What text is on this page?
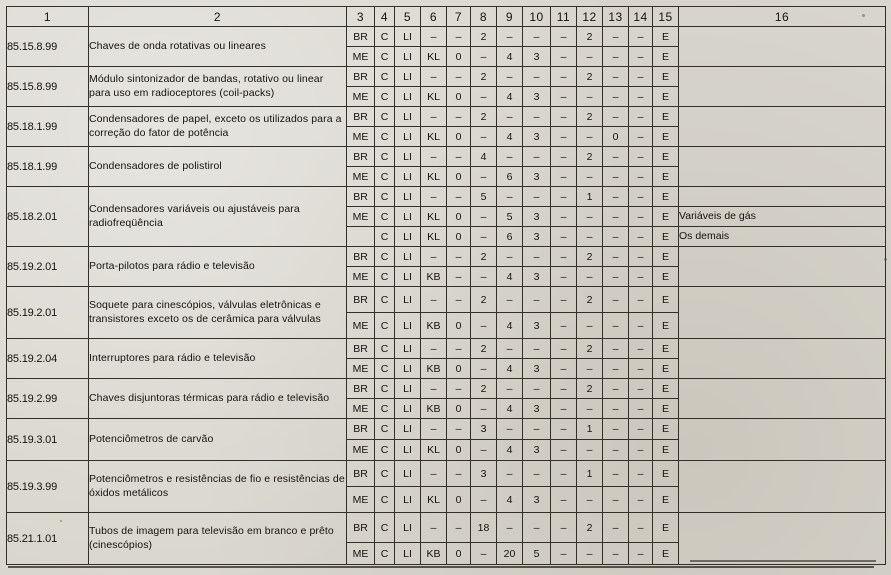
1	2	3	4	5	6	7	8	9	10	11	12	13	14	15	16
85.15.8.99	Chaves de onda rotativas ou lineares	BR	C	LI	–	–	2	–	–	–	2	–	–	E	
		ME	C	LI	KL	0	–	4	3	–	–	–	–	E	
85.15.8.99	Módulo sintonizador de bandas, rotativo ou linear para uso em radioceptores (coil-packs)	BR	C	LI	–	–	2	–	–	–	2	–	–	E	
		ME	C	LI	KL	0	–	4	3	–	–	–	–	E	
85.18.1.99	Condensadores de papel, exceto os utilizados para a correção do fator de potência	BR	C	LI	–	–	2	–	–	–	2	–	–	E	
		ME	C	LI	KL	0	–	4	3	–	–	0	–	E	
85.18.1.99	Condensadores de polistirol	BR	C	LI	–	–	4	–	–	–	2	–	–	E	
		ME	C	LI	KL	0	–	6	3	–	–	–	–	E	
85.18.2.01	Condensadores variáveis ou ajustáveis para radiofreqüência	BR	C	LI	–	–	5	–	–	–	1	–	–	E	
		ME	C	LI	KL	0	–	5	3	–	–	–	–	E	Variáveis de gás
			C	LI	KL	0	–	6	3	–	–	–	–	E	Os demais
85.19.2.01	Porta-pilotos para rádio e televisão	BR	C	LI	–	–	2	–	–	–	2	–	–	E	
		ME	C	LI	KB	–	–	4	3	–	–	–	–	E	
85.19.2.01	Soquete para cinescópios, válvulas eletrônicas e transistores exceto os de cerâmica para válvulas	BR	C	LI	–	–	2	–	–	–	2	–	–	E	
		ME	C	LI	KB	0	–	4	3	–	–	–	–	E	
85.19.2.04	Interruptores para rádio e televisão	BR	C	LI	–	–	2	–	–	–	2	–	–	E	
		ME	C	LI	KB	0	–	4	3	–	–	–	–	E	
85.19.2.99	Chaves disjuntoras térmicas para rádio e televisão	BR	C	LI	–	–	2	–	–	–	2	–	–	E	
		ME	C	LI	KB	0	–	4	3	–	–	–	–	E	
85.19.3.01	Potenciômetros de carvão	BR	C	LI	–	–	3	–	–	–	1	–	–	E	
		ME	C	LI	KL	0	–	4	3	–	–	–	–	E	
85.19.3.99	Potenciômetros e resistências de fio e resistências de óxidos metálicos	BR	C	LI	–	–	3	–	–	–	1	–	–	E	
		ME	C	LI	KL	0	–	4	3	–	–	–	–	E	
85.21.1.01	Tubos de imagem para televisão em branco e prêto (cinescópios)	BR	C	LI	–	–	18	–	–	–	2	–	–	E	
		ME	C	LI	KB	0	–	20	5	–	–	–	–	E	
